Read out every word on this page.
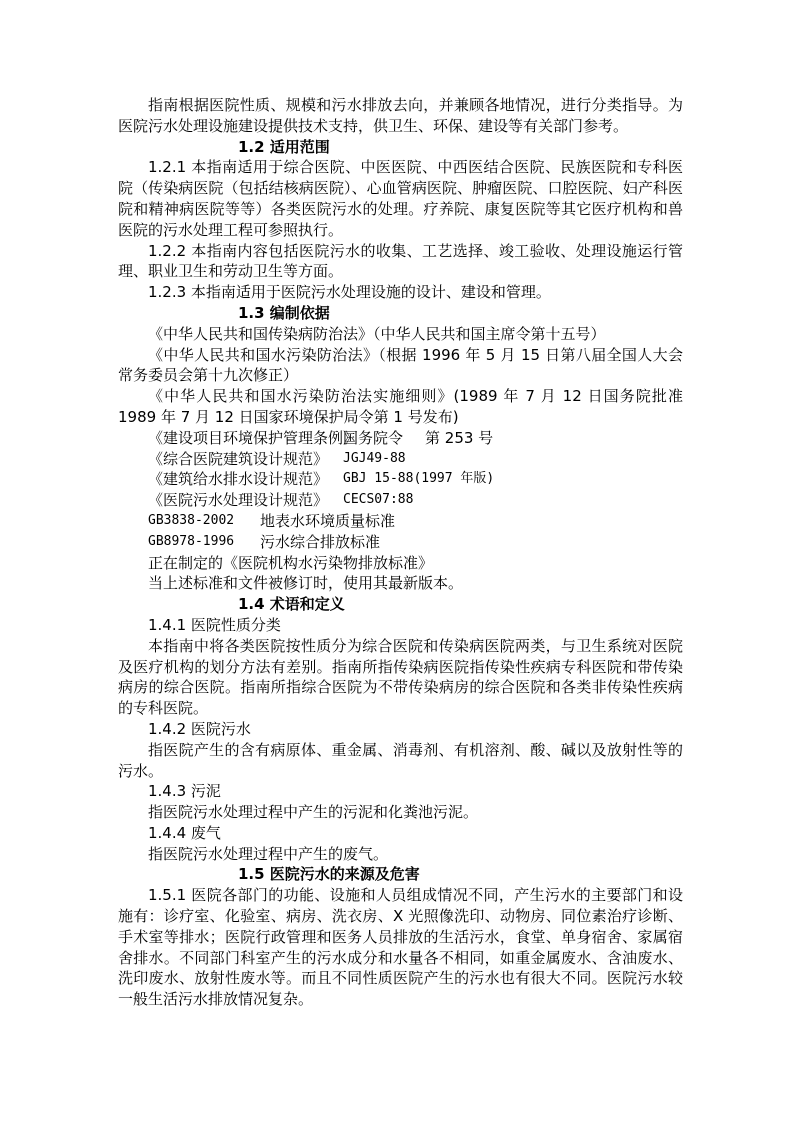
指南根据医院性质、规模和污水排放去向，并兼顾各地情况，进行分类指导。为医院污水处理设施建设提供技术支持，供卫生、环保、建设等有关部门参考。

1.2 适用范围

1.2.1 本指南适用于综合医院、中医医院、中西医结合医院、民族医院和专科医院（传染病医院（包括结核病医院）、心血管病医院、肿瘤医院、口腔医院、妇产科医院和精神病医院等等）各类医院污水的处理。疗养院、康复医院等其它医疗机构和兽医院的污水处理工程可参照执行。

1.2.2 本指南内容包括医院污水的收集、工艺选择、竣工验收、处理设施运行管理、职业卫生和劳动卫生等方面。

1.2.3 本指南适用于医院污水处理设施的设计、建设和管理。

1.3 编制依据

《中华人民共和国传染病防治法》（中华人民共和国主席令第十五号）

《中华人民共和国水污染防治法》（根据 1996 年 5 月 15 日第八届全国人大会常务委员会第十九次修正）

《中华人民共和国水污染防治法实施细则》(1989 年 7 月 12 日国务院批准 1989 年 7 月 12 日国家环境保护局令第 1 号发布)

《建设项目环境保护管理条例》
国务院令 第 253 号
《综合医院建筑设计规范》	JGJ49-88
《建筑给水排水设计规范》	GBJ 15-88(1997 年版)
《医院污水处理设计规范》	CECS07:88
GB3838-2002	地表水环境质量标准
GB8978-1996	污水综合排放标准

正在制定的《医院机构水污染物排放标准》

当上述标准和文件被修订时，使用其最新版本。

1.4 术语和定义

1.4.1 医院性质分类

本指南中将各类医院按性质分为综合医院和传染病医院两类，与卫生系统对医院及医疗机构的划分方法有差别。指南所指传染病医院指传染性疾病专科医院和带传染病房的综合医院。指南所指综合医院为不带传染病房的综合医院和各类非传染性疾病的专科医院。

1.4.2 医院污水

指医院产生的含有病原体、重金属、消毒剂、有机溶剂、酸、碱以及放射性等的污水。

1.4.3 污泥

指医院污水处理过程中产生的污泥和化粪池污泥。

1.4.4 废气

指医院污水处理过程中产生的废气。

1.5 医院污水的来源及危害

1.5.1 医院各部门的功能、设施和人员组成情况不同，产生污水的主要部门和设施有：诊疗室、化验室、病房、洗衣房、X 光照像洗印、动物房、同位素治疗诊断、手术室等排水；医院行政管理和医务人员排放的生活污水，食堂、单身宿舍、家属宿舍排水。不同部门科室产生的污水成分和水量各不相同，如重金属废水、含油废水、洗印废水、放射性废水等。而且不同性质医院产生的污水也有很大不同。医院污水较一般生活污水排放情况复杂。
